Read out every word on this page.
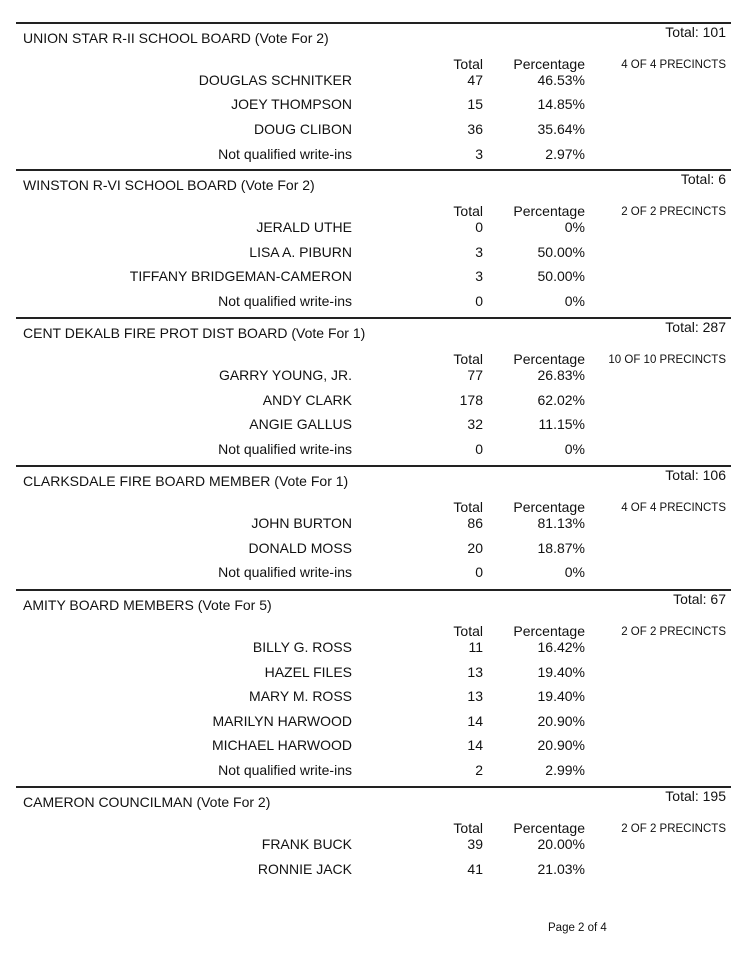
UNION STAR R-II SCHOOL BOARD (Vote For 2)	Total: 101
Total	Percentage	4 OF 4 PRECINCTS
DOUGLAS SCHNITKER	47	46.53%
JOEY THOMPSON	15	14.85%
DOUG CLIBON	36	35.64%
Not qualified write-ins	3	2.97%
WINSTON R-VI SCHOOL BOARD (Vote For 2)	Total: 6
Total	Percentage	2 OF 2 PRECINCTS
JERALD UTHE	0	0%
LISA A. PIBURN	3	50.00%
TIFFANY BRIDGEMAN-CAMERON	3	50.00%
Not qualified write-ins	0	0%
CENT DEKALB FIRE PROT DIST BOARD (Vote For 1)	Total: 287
Total	Percentage 10 OF 10 PRECINCTS
GARRY YOUNG, JR.	77	26.83%
ANDY CLARK	178	62.02%
ANGIE GALLUS	32	11.15%
Not qualified write-ins	0	0%
CLARKSDALE FIRE BOARD MEMBER (Vote For 1)	Total: 106
Total	Percentage	4 OF 4 PRECINCTS
JOHN BURTON	86	81.13%
DONALD MOSS	20	18.87%
Not qualified write-ins	0	0%
AMITY BOARD MEMBERS (Vote For 5)	Total: 67
Total	Percentage	2 OF 2 PRECINCTS
BILLY G. ROSS	11	16.42%
HAZEL FILES	13	19.40%
MARY M. ROSS	13	19.40%
MARILYN HARWOOD	14	20.90%
MICHAEL HARWOOD	14	20.90%
Not qualified write-ins	2	2.99%
CAMERON COUNCILMAN (Vote For 2)	Total: 195
Total	Percentage	2 OF 2 PRECINCTS
FRANK BUCK	39	20.00%
RONNIE JACK	41	21.03%
Page 2 of 4
